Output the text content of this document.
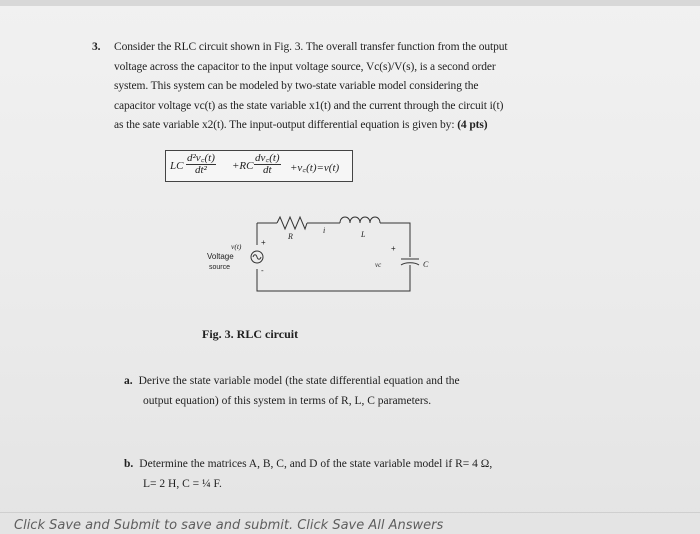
3. Consider the RLC circuit shown in Fig. 3. The overall transfer function from the output
voltage across the capacitor to the input voltage source, Vc(s)/V(s), is a second order
system. This system can be modeled by two-state variable model considering the
capacitor voltage vc(t) as the state variable x1(t) and the current through the circuit i(t)
as the sate variable x2(t). The input-output differential equation is given by: (4 pts)
LC $\frac{\text{d²v꜀(t)}}{\text{dt²}} +RC \frac{dv꜀(t)}{dt}$ +v꜀(t)=v(t)
v(t)
Voltage
source
+
-
R
i	L
+
vc	C
Fig. 3. RLC circuit
a. Derive the state variable model (the state differential equation and the
output equation) of this system in terms of R, L, C parameters.
b. Determine the matrices A, B, C, and D of the state variable model if R= 4 Ω,
L= 2 H, C = ¼ F.
Click Save and Submit to save and submit. Click Save All Answers
